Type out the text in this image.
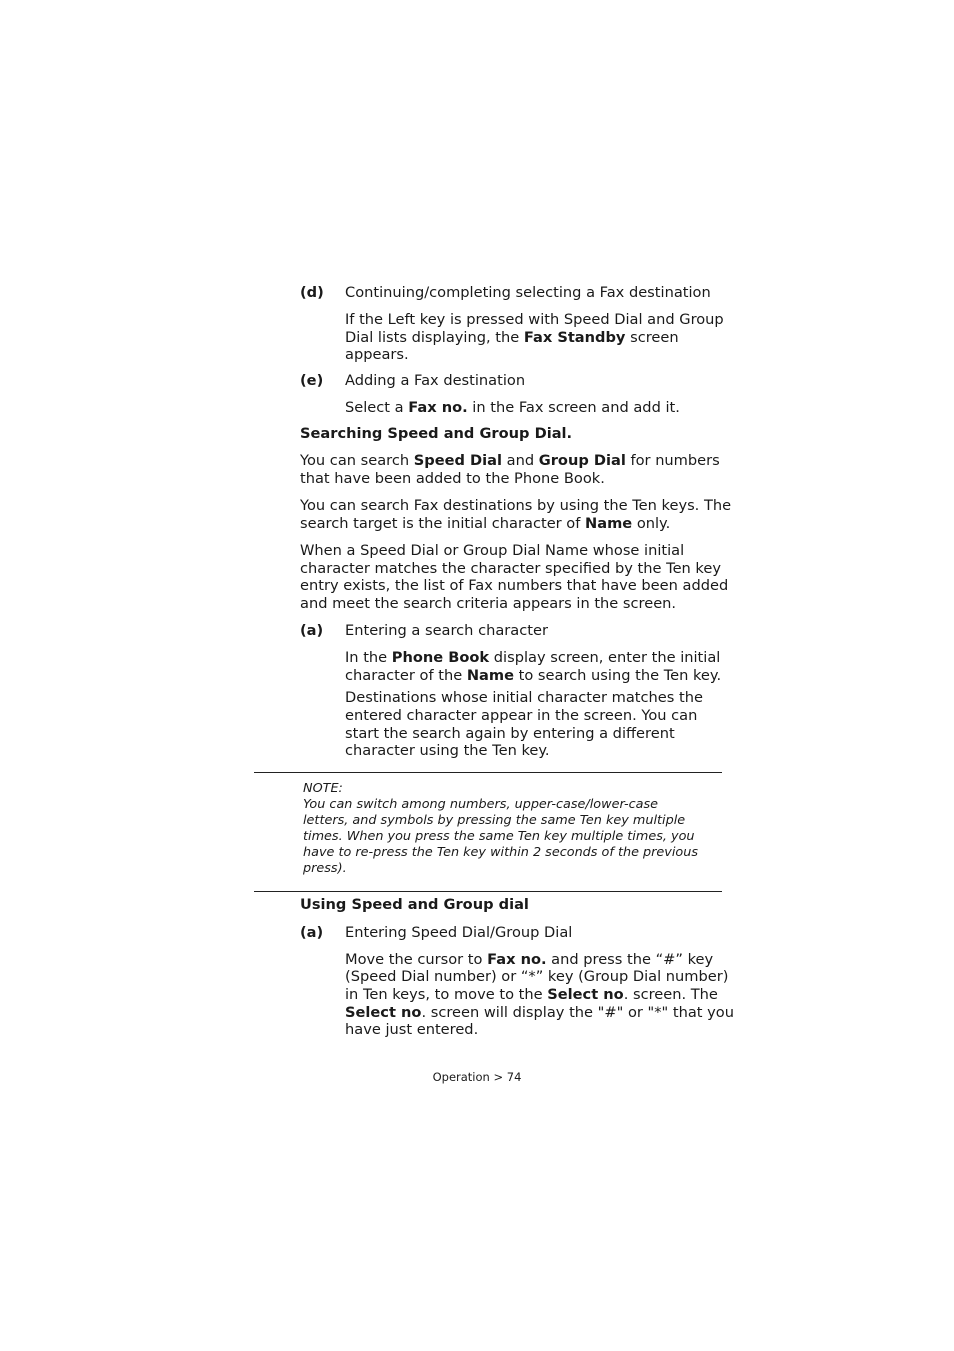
(d) Continuing/completing selecting a Fax destination

If the Left key is pressed with Speed Dial and Group

Dial lists displaying, the Fax Standby screen

appears.

(e) Adding a Fax destination

Select a Fax no. in the Fax screen and add it.

Searching Speed and Group Dial.

You can search Speed Dial and Group Dial for numbers

that have been added to the Phone Book.

You can search Fax destinations by using the Ten keys. The

search target is the initial character of Name only.

When a Speed Dial or Group Dial Name whose initial

character matches the character specified by the Ten key

entry exists, the list of Fax numbers that have been added

and meet the search criteria appears in the screen.

(a) Entering a search character

In the Phone Book display screen, enter the initial

character of the Name to search using the Ten key.

Destinations whose initial character matches the

entered character appear in the screen. You can

start the search again by entering a different

character using the Ten key.

NOTE:

You can switch among numbers, upper-case/lower-case

letters, and symbols by pressing the same Ten key multiple

times. When you press the same Ten key multiple times, you

have to re-press the Ten key within 2 seconds of the previous

press).

Using Speed and Group dial

(a) Entering Speed Dial/Group Dial

Move the cursor to Fax no. and press the “#” key

(Speed Dial number) or “*” key (Group Dial number)

in Ten keys, to move to the Select no. screen. The

Select no. screen will display the "#" or "*" that you

have just entered.

Operation > 74
